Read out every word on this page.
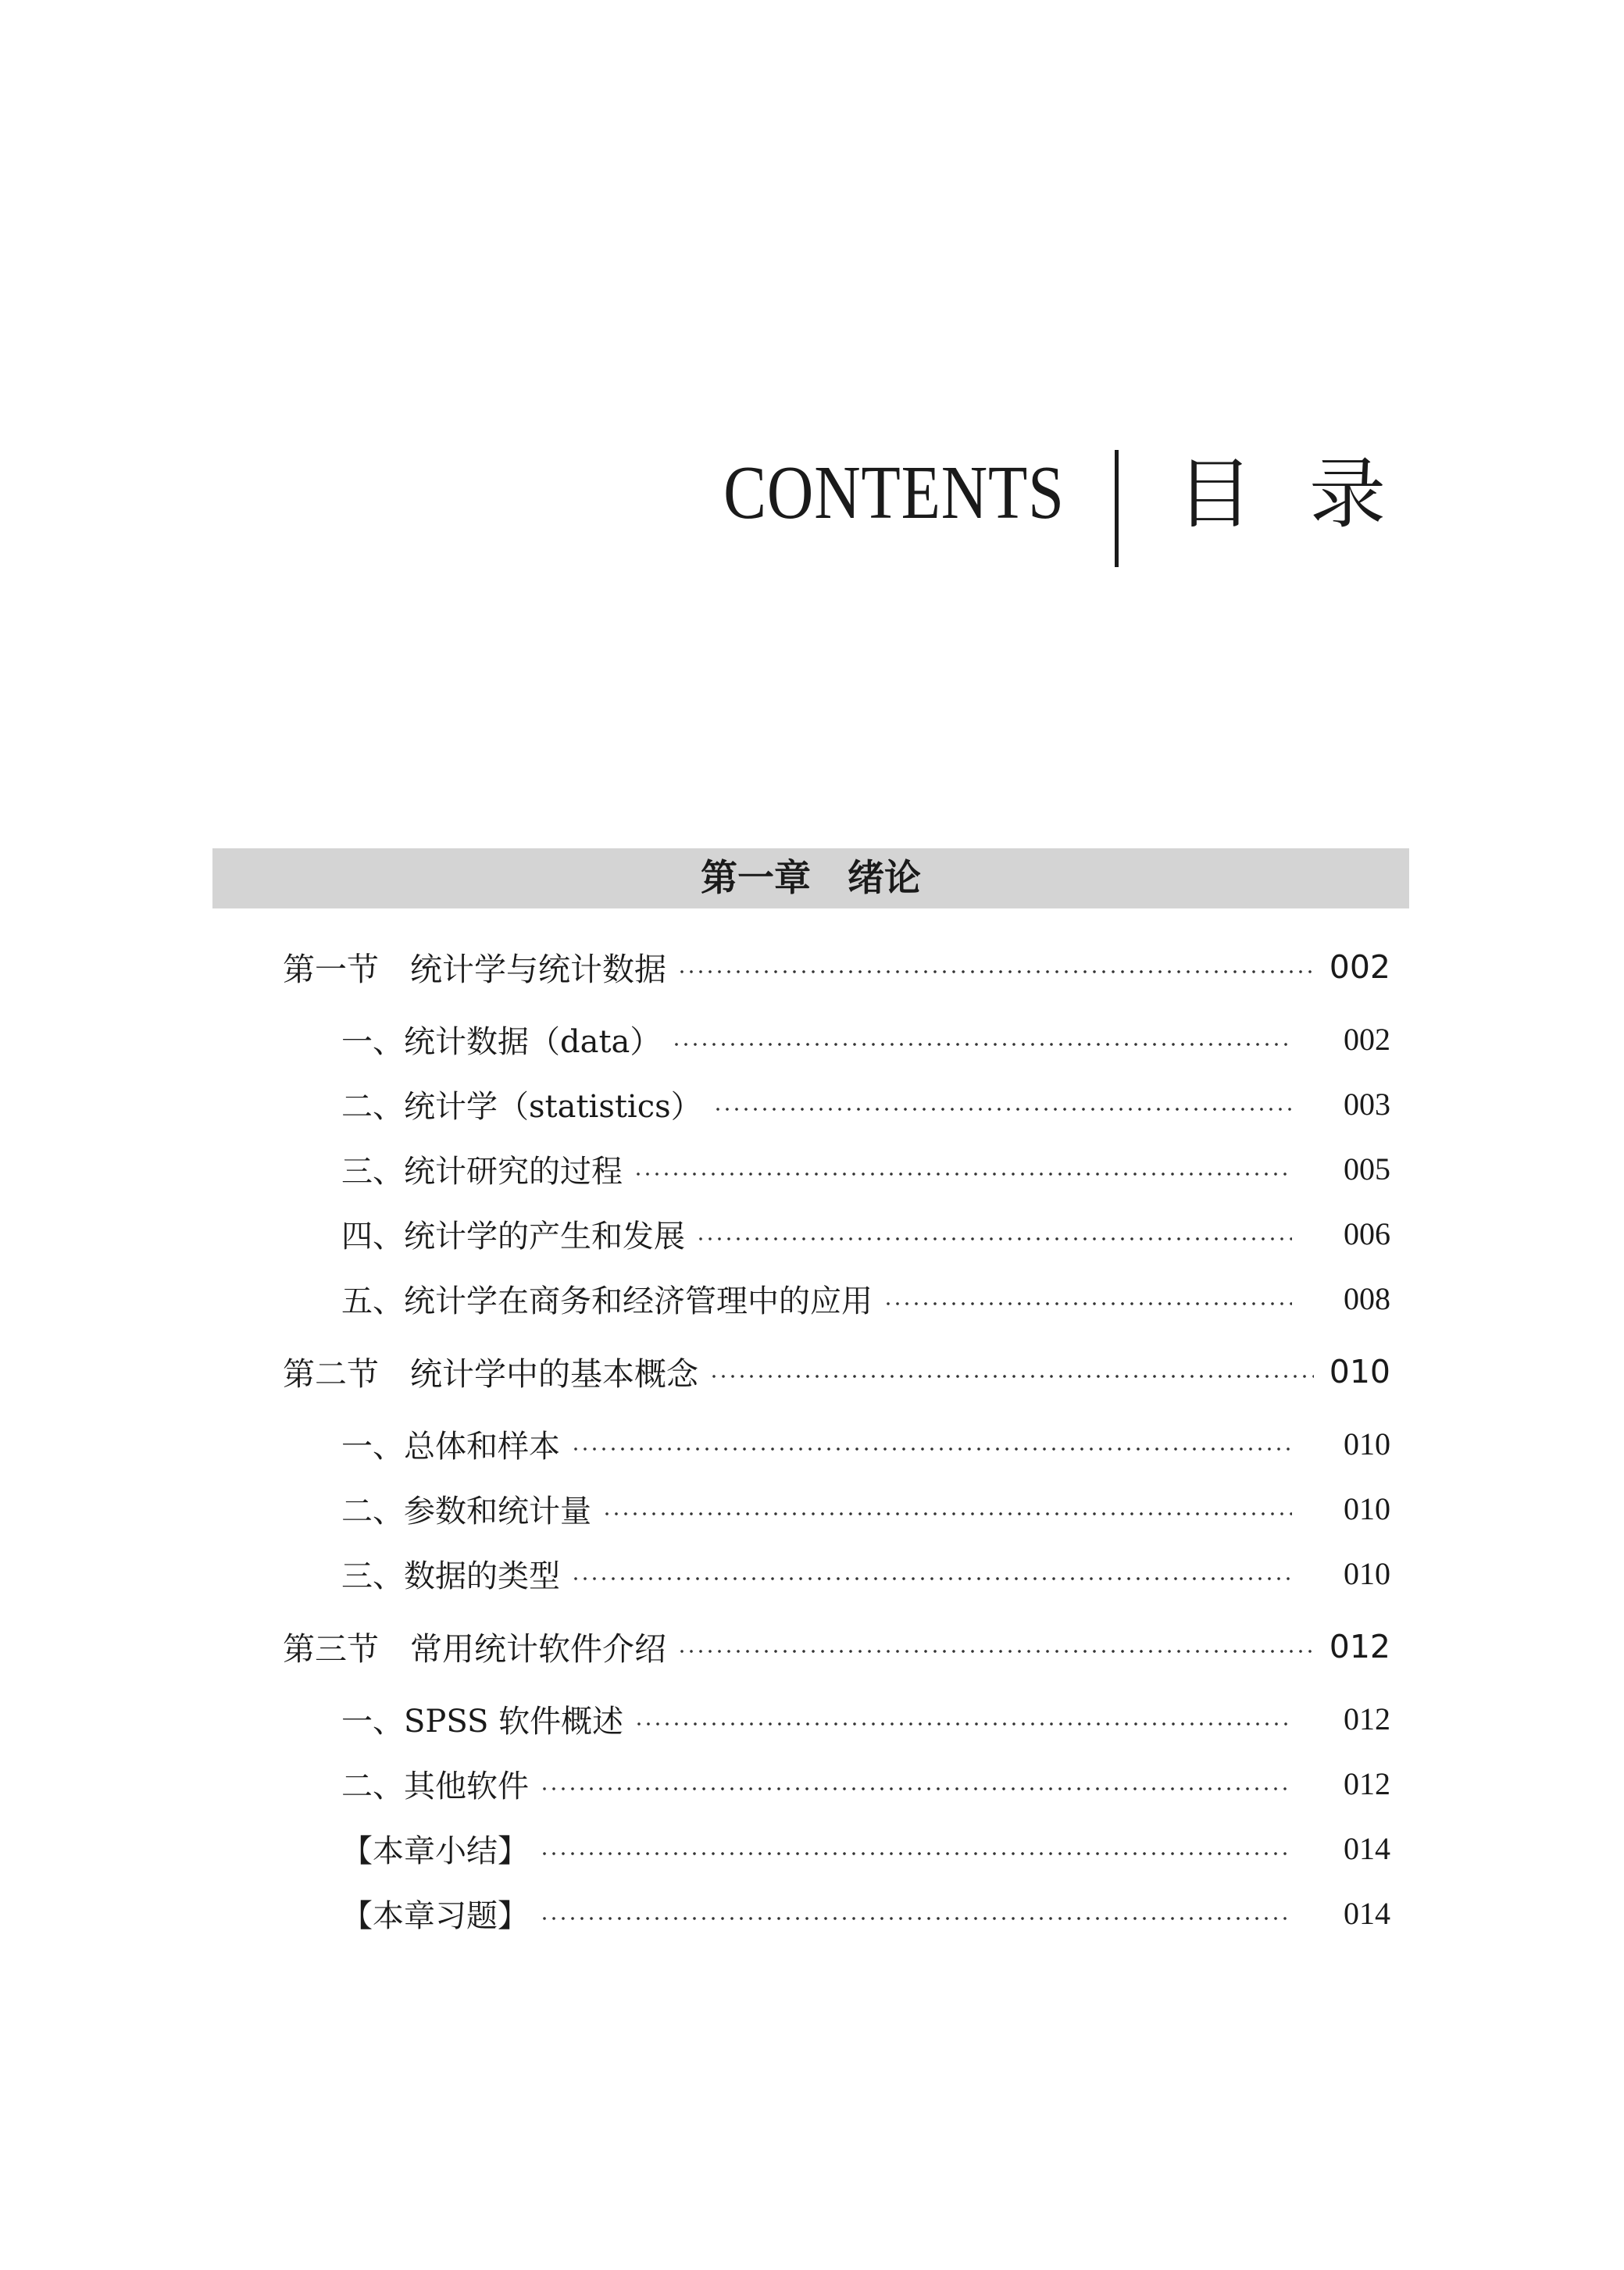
CONTENTS 目录
第一章　绪论
第一节 统计学与统计数据	002
一、统计数据（data）	002
二、统计学（statistics）	003
三、统计研究的过程	005
四、统计学的产生和发展	006
五、统计学在商务和经济管理中的应用	008
第二节 统计学中的基本概念	010
一、总体和样本	010
二、参数和统计量	010
三、数据的类型	010
第三节 常用统计软件介绍	012
一、SPSS 软件概述	012
二、其他软件	012
【本章小结】	014
【本章习题】	014
